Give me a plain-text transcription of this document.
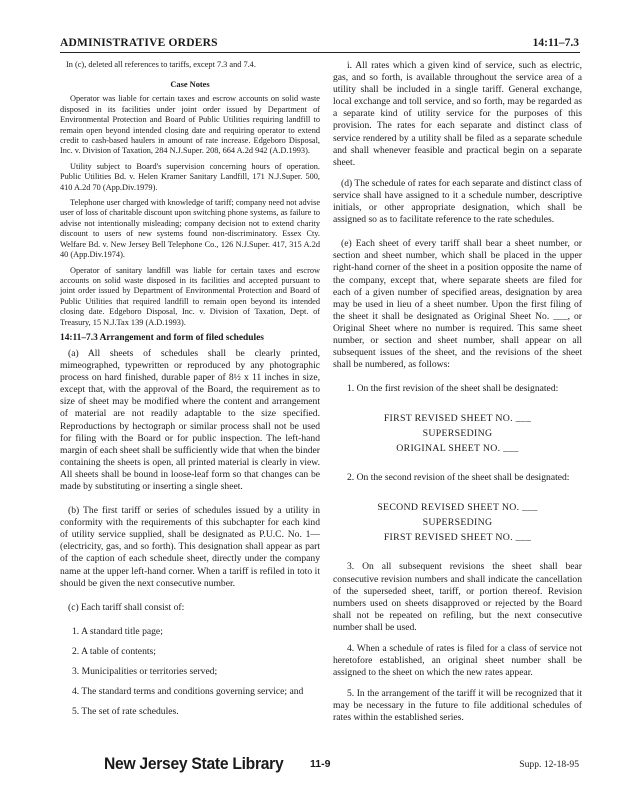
ADMINISTRATIVE ORDERS	14:11–7.3

In (c), deleted all references to tariffs, except 7.3 and 7.4.

Case Notes

Operator was liable for certain taxes and escrow accounts on solid waste disposed in its facilities under joint order issued by Department of Environmental Protection and Board of Public Utilities requiring landfill to remain open beyond intended closing date and requiring operator to extend credit to cash-based haulers in amount of rate increase. Edgeboro Disposal, Inc. v. Division of Taxation, 284 N.J.Super. 208, 664 A.2d 942 (A.D.1993).

Utility subject to Board's supervision concerning hours of operation. Public Utilities Bd. v. Helen Kramer Sanitary Landfill, 171 N.J.Super. 500, 410 A.2d 70 (App.Div.1979).

Telephone user charged with knowledge of tariff; company need not advise user of loss of charitable discount upon switching phone systems, as failure to advise not intentionally misleading; company decision not to extend charity discount to users of new systems found non-discriminatory. Essex Cty. Welfare Bd. v. New Jersey Bell Telephone Co., 126 N.J.Super. 417, 315 A.2d 40 (App.Div.1974).

Operator of sanitary landfill was liable for certain taxes and escrow accounts on solid waste disposed in its facilities and accepted pursuant to joint order issued by Department of Environmental Protection and Board of Public Utilities that required landfill to remain open beyond its intended closing date. Edgeboro Disposal, Inc. v. Division of Taxation, Dept. of Treasury, 15 N.J.Tax 139 (A.D.1993).

14:11–7.3 Arrangement and form of filed schedules

(a) All sheets of schedules shall be clearly printed, mimeographed, typewritten or reproduced by any photographic process on hard finished, durable paper of 8½ x 11 inches in size, except that, with the approval of the Board, the requirement as to size of sheet may be modified where the content and arrangement of material are not readily adaptable to the size specified. Reproductions by hectograph or similar process shall not be used for filing with the Board or for public inspection. The left-hand margin of each sheet shall be sufficiently wide that when the binder containing the sheets is open, all printed material is clearly in view. All sheets shall be bound in loose-leaf form so that changes can be made by substituting or inserting a single sheet.

(b) The first tariff or series of schedules issued by a utility in conformity with the requirements of this subchapter for each kind of utility service supplied, shall be designated as P.U.C. No. 1—(electricity, gas, and so forth). This designation shall appear as part of the caption of each schedule sheet, directly under the company name at the upper left-hand corner. When a tariff is refiled in toto it should be given the next consecutive number.

(c) Each tariff shall consist of:

1. A standard title page;

2. A table of contents;

3. Municipalities or territories served;

4. The standard terms and conditions governing service; and

5. The set of rate schedules.

i. All rates which a given kind of service, such as electric, gas, and so forth, is available throughout the service area of a utility shall be included in a single tariff. General exchange, local exchange and toll service, and so forth, may be regarded as a separate kind of utility service for the purposes of this provision. The rates for each separate and distinct class of service rendered by a utility shall be filed as a separate schedule and shall whenever feasible and practical begin on a separate sheet.

(d) The schedule of rates for each separate and distinct class of service shall have assigned to it a schedule number, descriptive initials, or other appropriate designation, which shall be assigned so as to facilitate reference to the rate schedules.

(e) Each sheet of every tariff shall bear a sheet number, or section and sheet number, which shall be placed in the upper right-hand corner of the sheet in a position opposite the name of the company, except that, where separate sheets are filed for each of a given number of specified areas, designation by area may be used in lieu of a sheet number. Upon the first filing of the sheet it shall be designated as Original Sheet No. ___, or Original Sheet where no number is required. This same sheet number, or section and sheet number, shall appear on all subsequent issues of the sheet, and the revisions of the sheet shall be numbered, as follows:

1. On the first revision of the sheet shall be designated:

FIRST REVISED SHEET NO. ___

SUPERSEDING

ORIGINAL SHEET NO. ___

2. On the second revision of the sheet shall be designated:

SECOND REVISED SHEET NO. ___

SUPERSEDING

FIRST REVISED SHEET NO. ___

3. On all subsequent revisions the sheet shall bear consecutive revision numbers and shall indicate the cancellation of the superseded sheet, tariff, or portion thereof. Revision numbers used on sheets disapproved or rejected by the Board shall not be repeated on refiling, but the next consecutive number shall be used.

4. When a schedule of rates is filed for a class of service not heretofore established, an original sheet number shall be assigned to the sheet on which the new rates appear.

5. In the arrangement of the tariff it will be recognized that it may be necessary in the future to file additional schedules of rates within the established series.

New Jersey State Library	11-9	Supp. 12-18-95
